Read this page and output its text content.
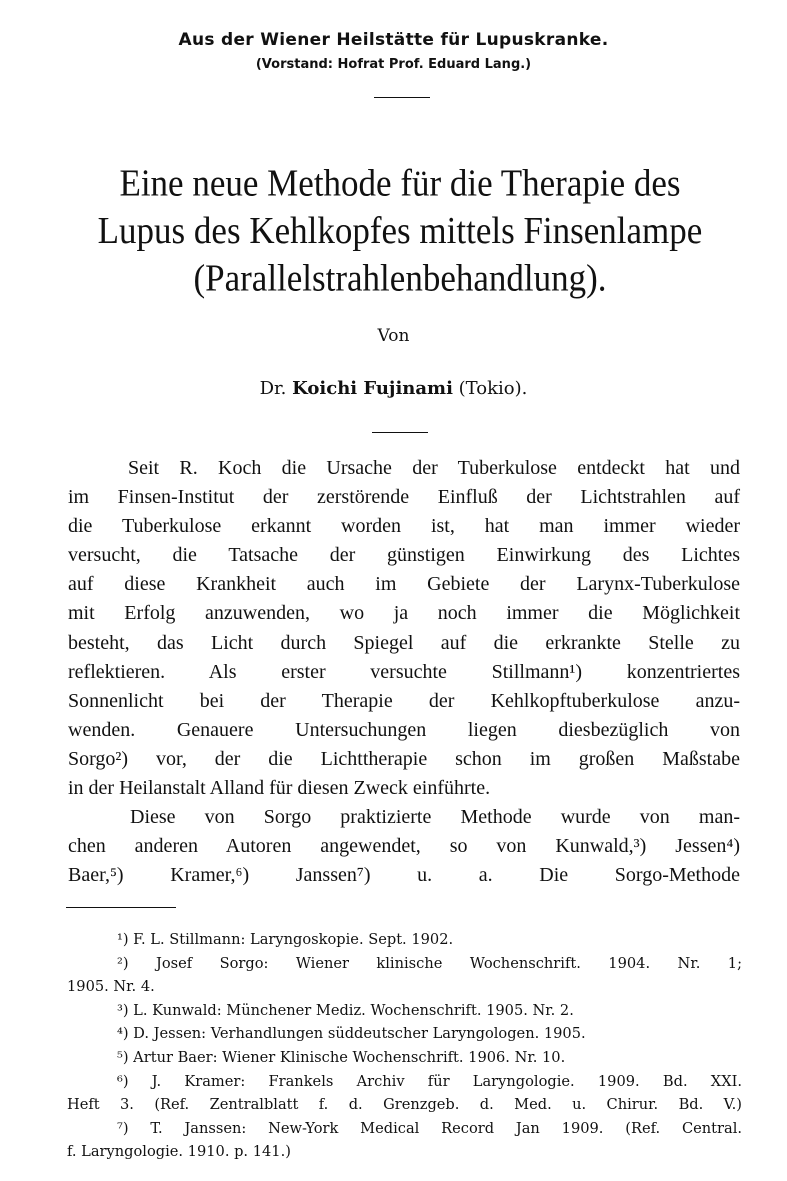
Aus der Wiener Heilstätte für Lupuskranke.
(Vorstand: Hofrat Prof. Eduard Lang.)
Eine neue Methode für die Therapie des
Lupus des Kehlkopfes mittels Finsenlampe
(Parallelstrahlenbehandlung).
Von
Dr. Koichi Fujinami (Tokio).
Seit R. Koch die Ursache der Tuberkulose entdeckt hat und
im Finsen-Institut der zerstörende Einfluß der Lichtstrahlen auf
die Tuberkulose erkannt worden ist, hat man immer wieder
versucht, die Tatsache der günstigen Einwirkung des Lichtes
auf diese Krankheit auch im Gebiete der Larynx-Tuberkulose
mit Erfolg anzuwenden, wo ja noch immer die Möglichkeit
besteht, das Licht durch Spiegel auf die erkrankte Stelle zu
reflektieren. Als erster versuchte Stillmann¹) konzentriertes
Sonnenlicht bei der Therapie der Kehlkopftuberkulose anzu-
wenden. Genauere Untersuchungen liegen diesbezüglich von
Sorgo²) vor, der die Lichttherapie schon im großen Maßstabe
in der Heilanstalt Alland für diesen Zweck einführte.
Diese von Sorgo praktizierte Methode wurde von man-
chen anderen Autoren angewendet, so von Kunwald,³) Jessen⁴)
Baer,⁵) Kramer,⁶) Janssen⁷) u. a. Die Sorgo-Methode
¹) F. L. Stillmann: Laryngoskopie. Sept. 1902.
²) Josef Sorgo: Wiener klinische Wochenschrift. 1904. Nr. 1;
1905. Nr. 4.
³) L. Kunwald: Münchener Mediz. Wochenschrift. 1905. Nr. 2.
⁴) D. Jessen: Verhandlungen süddeutscher Laryngologen. 1905.
⁵) Artur Baer: Wiener Klinische Wochenschrift. 1906. Nr. 10.
⁶) J. Kramer: Frankels Archiv für Laryngologie. 1909. Bd. XXI.
Heft 3. (Ref. Zentralblatt f. d. Grenzgeb. d. Med. u. Chirur. Bd. V.)
⁷) T. Janssen: New-York Medical Record Jan 1909. (Ref. Central.
f. Laryngologie. 1910. p. 141.)
